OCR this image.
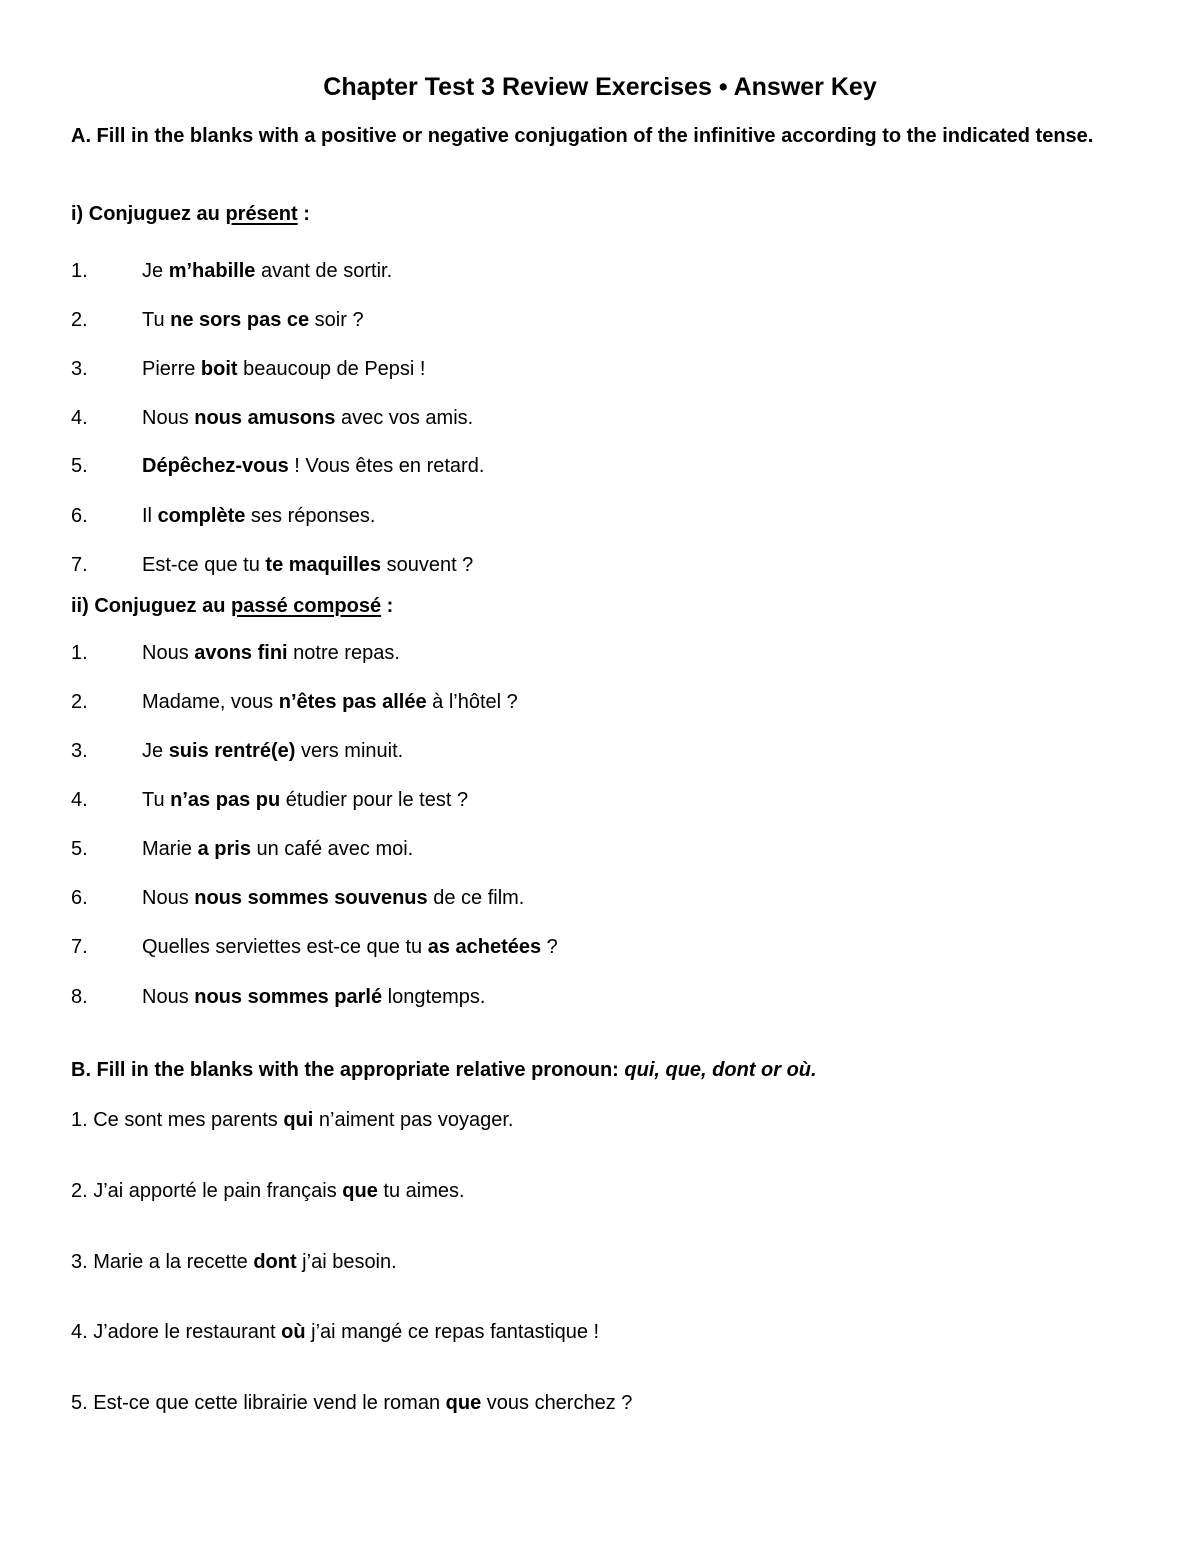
Chapter Test 3 Review Exercises • Answer Key
A. Fill in the blanks with a positive or negative conjugation of the infinitive according to the indicated tense.
i) Conjuguez au présent :
1.	Je m’habille avant de sortir.
2.	Tu ne sors pas ce soir ?
3.	Pierre boit beaucoup de Pepsi !
4.	Nous nous amusons avec vos amis.
5.	Dépêchez-vous ! Vous êtes en retard.
6.	Il complète ses réponses.
7.	Est-ce que tu te maquilles souvent ?
ii) Conjuguez au passé composé :
1.	Nous avons fini notre repas.
2.	Madame, vous n’êtes pas allée à l’hôtel ?
3.	Je suis rentré(e) vers minuit.
4.	Tu n’as pas pu étudier pour le test ?
5.	Marie a pris un café avec moi.
6.	Nous nous sommes souvenus de ce film.
7.	Quelles serviettes est-ce que tu as achetées ?
8.	Nous nous sommes parlé longtemps.
B. Fill in the blanks with the appropriate relative pronoun: qui, que, dont or où.
1. Ce sont mes parents qui n’aiment pas voyager.
2. J’ai apporté le pain français que tu aimes.
3. Marie a la recette dont j’ai besoin.
4. J’adore le restaurant où j’ai mangé ce repas fantastique !
5. Est-ce que cette librairie vend le roman que vous cherchez ?
